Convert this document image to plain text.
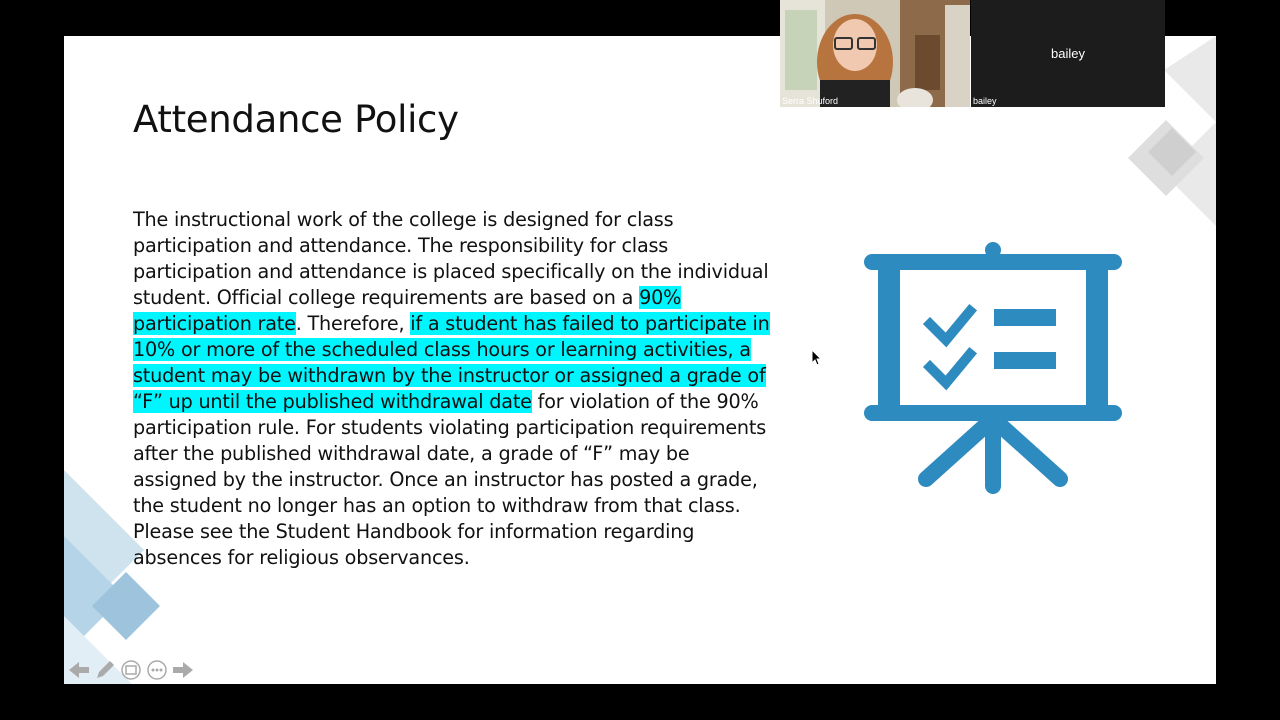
Attendance Policy

The instructional work of the college is designed for class participation and attendance. The responsibility for class participation and attendance is placed specifically on the individual student. Official college requirements are based on a 90% participation rate. Therefore, if a student has failed to participate in 10% or more of the scheduled class hours or learning activities, a student may be withdrawn by the instructor or assigned a grade of “F” up until the published withdrawal date for violation of the 90% participation rule. For students violating participation requirements after the published withdrawal date, a grade of “F” may be assigned by the instructor. Once an instructor has posted a grade, the student no longer has an option to withdraw from that class. Please see the Student Handbook for information regarding absences for religious observances.

Serra Shuford
bailey
bailey
